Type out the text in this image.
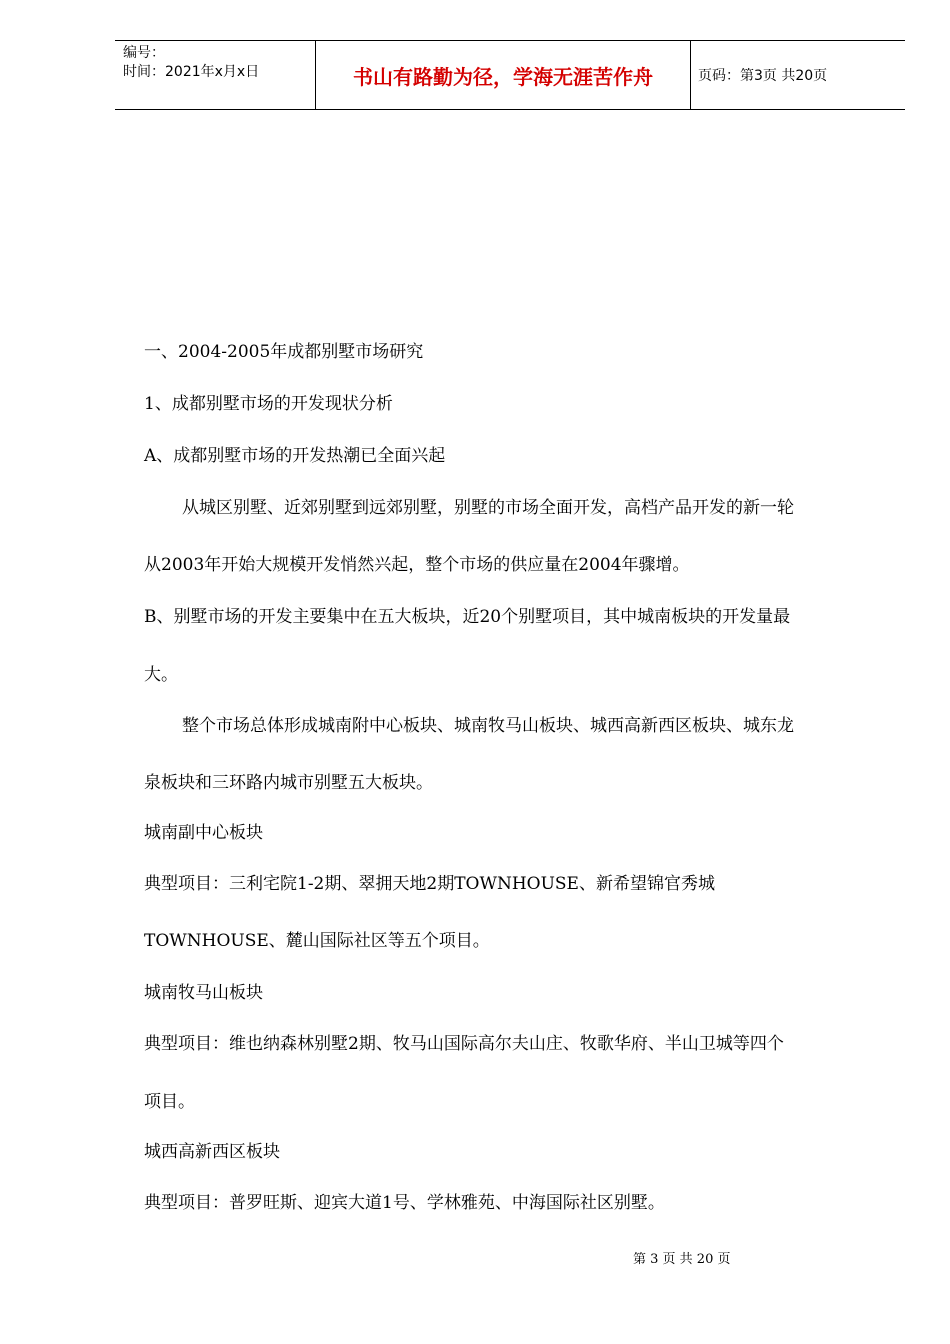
编号：
时间：2021年x月x日	书山有路勤为径，学海无涯苦作舟	页码：第3页 共20页
一、2004-2005年成都别墅市场研究
1、成都别墅市场的开发现状分析
A、成都别墅市场的开发热潮已全面兴起
从城区别墅、近郊别墅到远郊别墅，别墅的市场全面开发，高档产品开发的新一轮
从2003年开始大规模开发悄然兴起，整个市场的供应量在2004年骤增。
B、别墅市场的开发主要集中在五大板块，近20个别墅项目，其中城南板块的开发量最
大。
整个市场总体形成城南附中心板块、城南牧马山板块、城西高新西区板块、城东龙
泉板块和三环路内城市别墅五大板块。
城南副中心板块
典型项目：三利宅院1-2期、翠拥天地2期TOWNHOUSE、新希望锦官秀城
TOWNHOUSE、麓山国际社区等五个项目。
城南牧马山板块
典型项目：维也纳森林别墅2期、牧马山国际高尔夫山庄、牧歌华府、半山卫城等四个
项目。
城西高新西区板块
典型项目：普罗旺斯、迎宾大道1号、学林雅苑、中海国际社区别墅。
第 3 页 共 20 页
